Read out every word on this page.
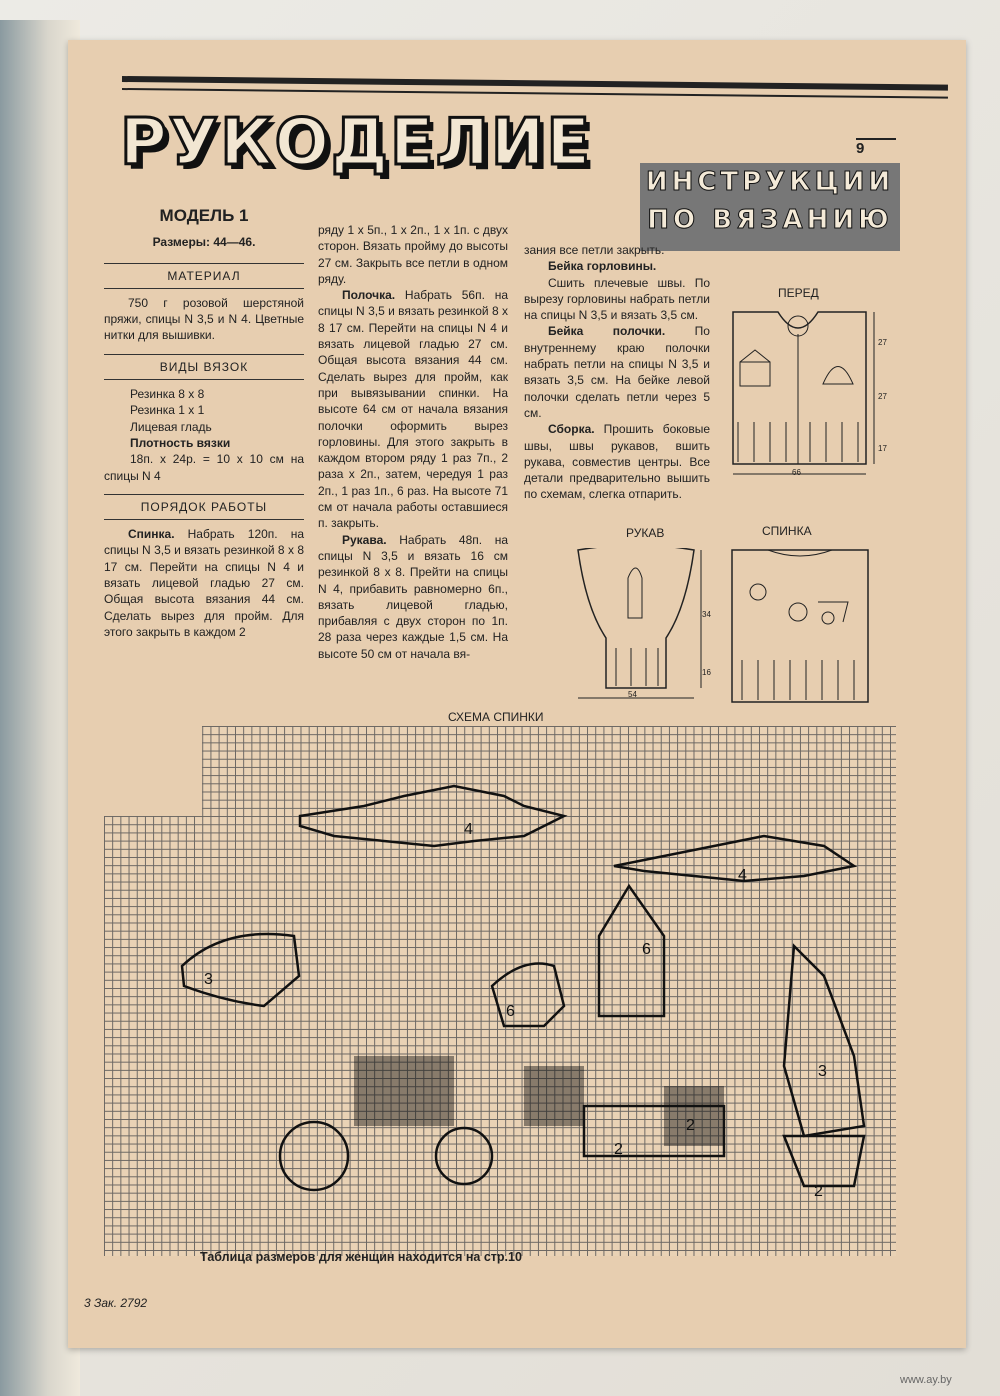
РУКОДЕЛИЕ	9
ИНСТРУКЦИИ
ПО ВЯЗАНИЮ
МОДЕЛЬ 1
Размеры: 44—46.
МАТЕРИАЛ
750 г розовой шерстяной пряжи, спицы N 3,5 и N 4. Цветные нитки для вышивки.
ВИДЫ ВЯЗОК
Резинка 8 х 8
Резинка 1 х 1
Лицевая гладь
Плотность вязки
18п. х 24р. = 10 х 10 см на спицы N 4
ПОРЯДОК РАБОТЫ
Спинка. Набрать 120п. на спицы N 3,5 и вязать резинкой 8 х 8 17 см. Перейти на спицы N 4 и вязать лицевой гладью 27 см. Общая высота вязания 44 см. Сделать вырез для пройм. Для этого закрыть в каждом 2
ряду 1 х 5п., 1 х 2п., 1 х 1п. с двух сторон. Вязать пройму до высоты 27 см. Закрыть все петли в одном ряду.
Полочка. Набрать 56п. на спицы N 3,5 и вязать резинкой 8 х 8 17 см. Перейти на спицы N 4 и вязать лицевой гладью 27 см. Общая высота вязания 44 см. Сделать вырез для пройм, как при вывязывании спинки. На высоте 64 см от начала вязания полочки оформить вырез горловины. Для этого закрыть в каждом втором ряду 1 раз 7п., 2 раза х 2п., затем, чередуя 1 раз 2п., 1 раз 1п., 6 раз. На высоте 71 см от начала работы оставшиеся п. закрыть.
Рукава. Набрать 48п. на спицы N 3,5 и вязать 16 см резинкой 8 х 8. Прейти на спицы N 4, прибавить равномерно 6п., вязать лицевой гладью, прибавляя с двух сторон по 1п. 28 раза через каждые 1,5 см. На высоте 50 см от начала вя-
зания все петли закрыть.
Бейка горловины.
Сшить плечевые швы. По вырезу горловины набрать петли на спицы N 3,5 и вязать 3,5 см.
Бейка полочки. По внутреннему краю полочки набрать петли на спицы N 3,5 и вязать 3,5 см. На бейке левой полочки сделать петли через 5 см.
Сборка. Прошить боковые швы, швы рукавов, вшить рукава, совместив центры. Все детали предварительно вышить по схемам, слегка отпарить.
ПЕРЕД
27
27
17
66
РУКАВ
34
16
54
СПИНКА
СХЕМА СПИНКИ
4
4
3
6
6
3
2
2
2
Таблица размеров для женщин находится на стр.10
3 Зак. 2792
www.ay.by
